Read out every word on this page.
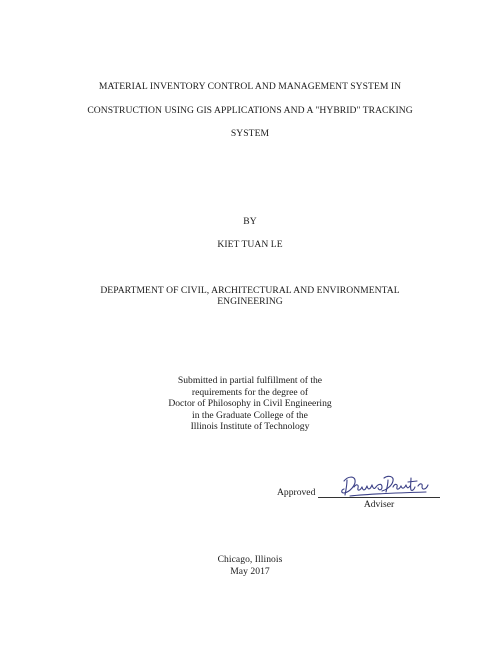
MATERIAL INVENTORY CONTROL AND MANAGEMENT SYSTEM IN
CONSTRUCTION USING GIS APPLICATIONS AND A "HYBRID" TRACKING
SYSTEM
BY
KIET TUAN LE
DEPARTMENT OF CIVIL, ARCHITECTURAL AND ENVIRONMENTAL
ENGINEERING
Submitted in partial fulfillment of the
requirements for the degree of
Doctor of Philosophy in Civil Engineering
in the Graduate College of the
Illinois Institute of Technology
Approved
Adviser
Chicago, Illinois
May 2017
